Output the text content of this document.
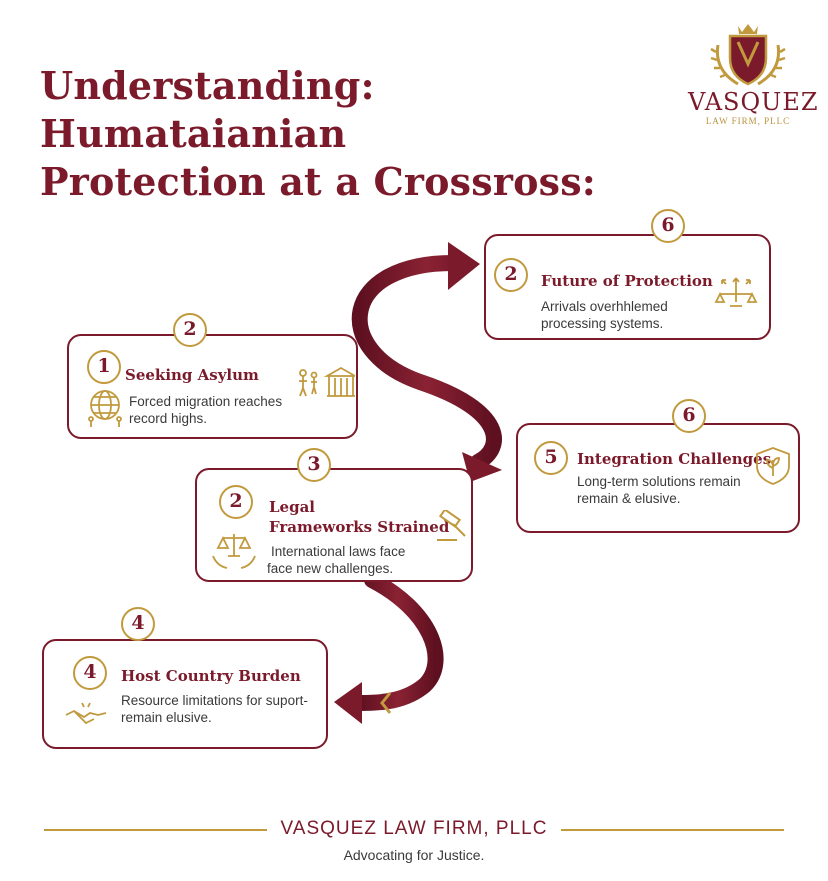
Understanding: Humataianian
Protection at a Crossross:
VASQUEZ
LAW FIRM, PLLC
1 Seeking Asylum
Forced migration reaches
record highs.
2
2	Future of Protection
Arrivals overhhlemed
processing systems.
6
2	Legal
Frameworks Strained
International laws face
face new challenges.
3	5	Integration Challenges
Long-term solutions remain
remain & elusive.
6
4	Host Country Burden
Resource limitations for suport-
remain elusive.
4
VASQUEZ LAW FIRM, PLLC
Advocating for Justice.
